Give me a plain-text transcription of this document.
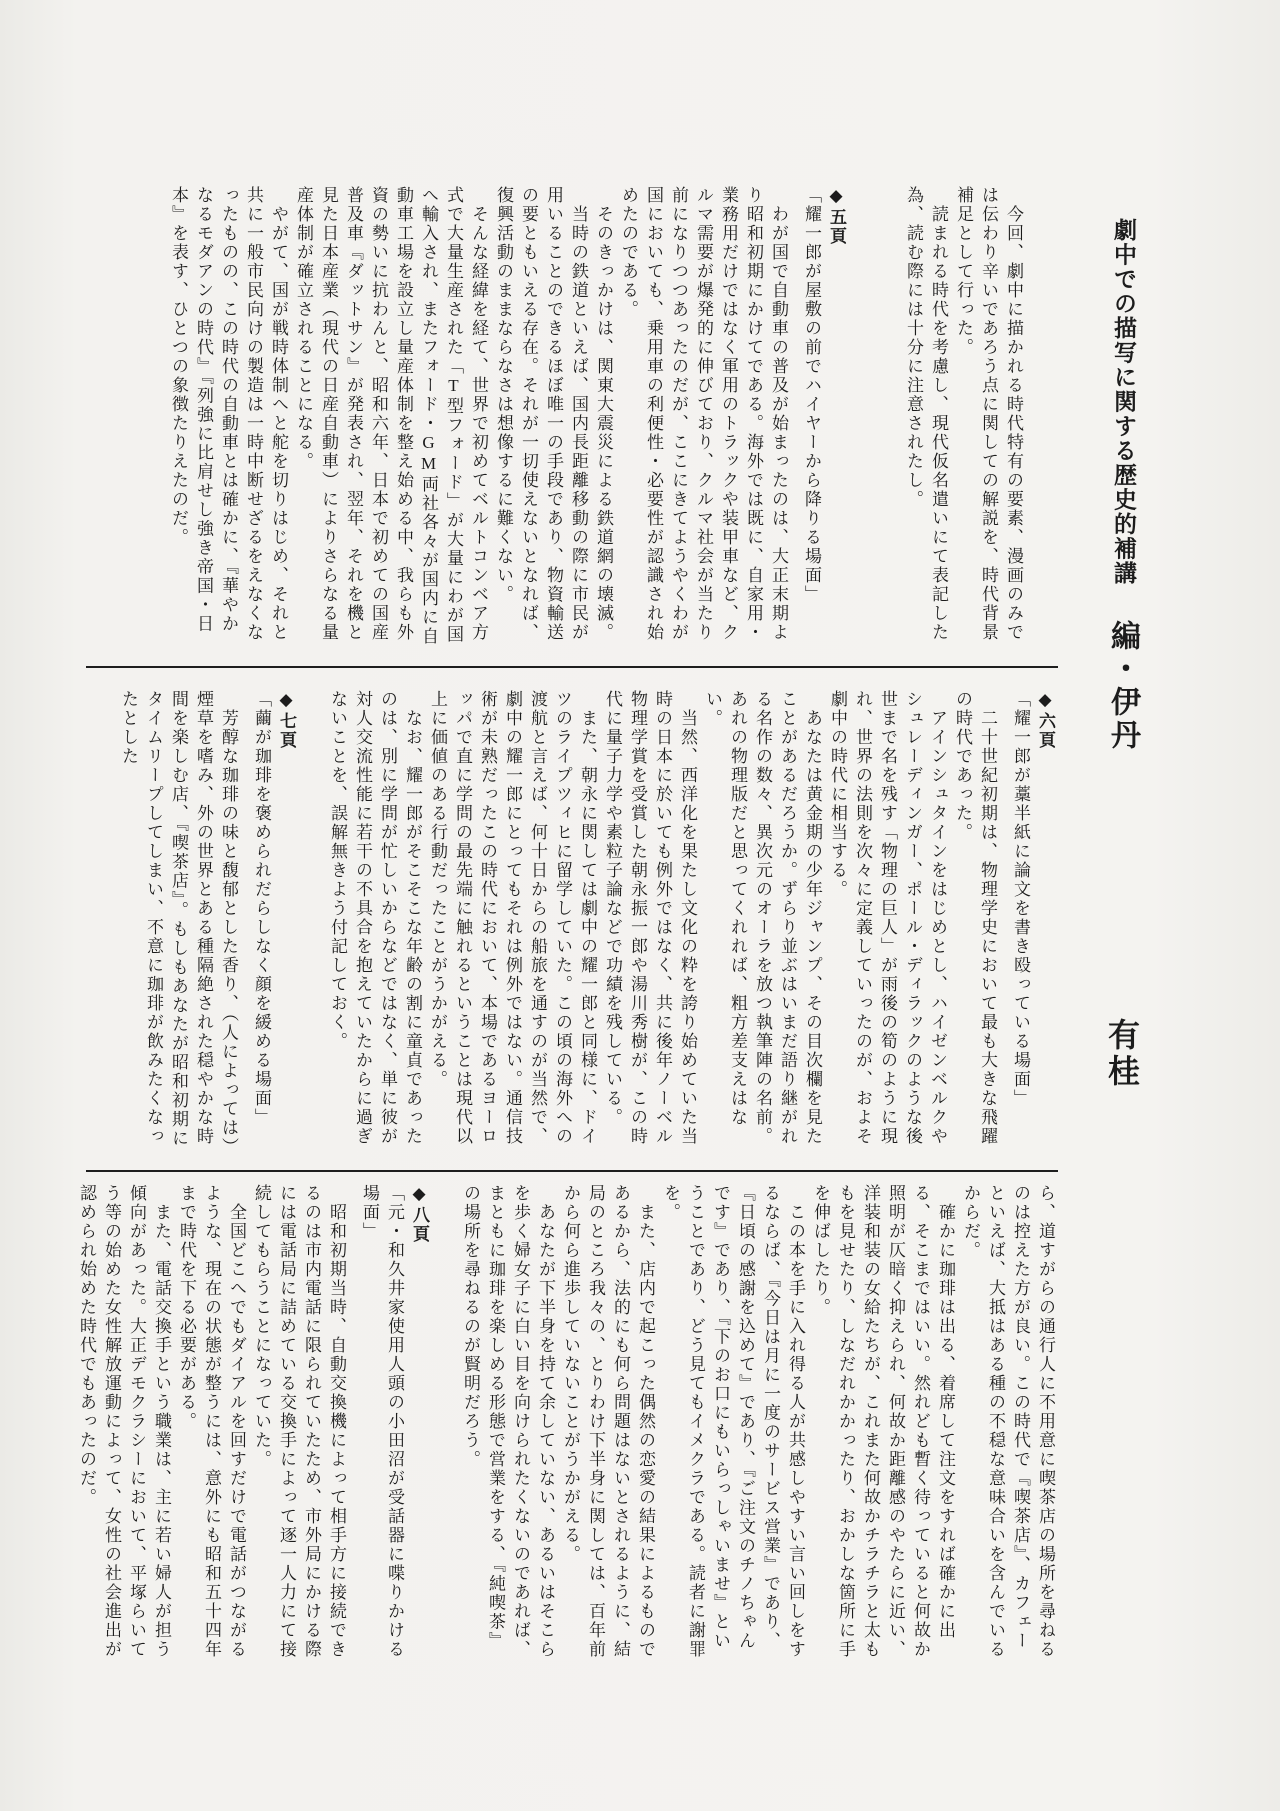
劇中での描写に関する歴史的補講
編・伊丹
有桂

　今回、劇中に描かれる時代特有の要素、漫画のみでは伝わり辛いであろう点に関しての解説を、時代背景補足として行った。

　読まれる時代を考慮し、現代仮名遣いにて表記した為、読む際には十分に注意されたし。

◆五頁

「耀一郎が屋敷の前でハイヤーから降りる場面」

　わが国で自動車の普及が始まったのは、大正末期より昭和初期にかけてである。海外では既に、自家用・業務用だけではなく軍用のトラックや装甲車など、クルマ需要が爆発的に伸びており、クルマ社会が当たり前になりつつあったのだが、ここにきてようやくわが国においても、乗用車の利便性・必要性が認識され始めたのである。

　そのきっかけは、関東大震災による鉄道網の壊滅。

　当時の鉄道といえば、国内長距離移動の際に市民が用いることのできるほぼ唯一の手段であり、物資輸送の要ともいえる存在。それが一切使えないとなれば、復興活動のままならなさは想像するに難くない。

　そんな経緯を経て、世界で初めてベルトコンベア方式で大量生産された「T型フォード」が大量にわが国へ輸入され、またフォード・GM両社各々が国内に自動車工場を設立し量産体制を整え始める中、我らも外資の勢いに抗わんと、昭和六年、日本で初めての国産普及車『ダットサン』が発表され、翌年、それを機と見た日本産業（現代の日産自動車）によりさらなる量産体制が確立されることになる。

　やがて、国が戦時体制へと舵を切りはじめ、それと共に一般市民向けの製造は一時中断せざるをえなくなったものの、この時代の自動車とは確かに、『華やかなるモダアンの時代』『列強に比肩せし強き帝国・日本』を表す、ひとつの象徴たりえたのだ。

◆六頁

「耀一郎が藁半紙に論文を書き殴っている場面」

　二十世紀初期は、物理学史において最も大きな飛躍の時代であった。

　アインシュタインをはじめとし、ハイゼンベルクやシュレーディンガー、ポール・ディラックのような後世まで名を残す「物理の巨人」が雨後の筍のように現れ、世界の法則を次々に定義していったのが、およそ劇中の時代に相当する。

　あなたは黄金期の少年ジャンプ、その目次欄を見たことがあるだろうか。ずらり並ぶはいまだ語り継がれる名作の数々、異次元のオーラを放つ執筆陣の名前。あれの物理版だと思ってくれれば、粗方差支えはない。

　当然、西洋化を果たし文化の粋を誇り始めていた当時の日本に於いても例外ではなく、共に後年ノーベル物理学賞を受賞した朝永振一郎や湯川秀樹が、この時代に量子力学や素粒子論などで功績を残している。

　また、朝永に関しては劇中の耀一郎と同様に、ドイツのライプツィヒに留学していた。この頃の海外への渡航と言えば、何十日からの船旅を通すのが当然で、劇中の耀一郎にとってもそれは例外ではない。通信技術が未熟だったこの時代において、本場であるヨーロッパで直に学問の最先端に触れるということは現代以上に価値のある行動だったことがうかがえる。

　なお、耀一郎がそこそこな年齢の割に童貞であったのは、別に学問が忙しいからなどではなく、単に彼が対人交流性能に若干の不具合を抱えていたからに過ぎないことを、誤解無きよう付記しておく。

◆七頁

「繭が珈琲を褒められだらしなく顔を緩める場面」

　芳醇な珈琲の味と馥郁とした香り、（人によっては）煙草を嗜み、外の世界とある種隔絶された穏やかな時間を楽しむ店、『喫茶店』。もしもあなたが昭和初期にタイムリープしてしまい、不意に珈琲が飲みたくなったとした

ら、道すがらの通行人に不用意に喫茶店の場所を尋ねるのは控えた方が良い。この時代で『喫茶店』、カフェーといえば、大抵はある種の不穏な意味合いを含んでいるからだ。

　確かに珈琲は出る、着席して注文をすれば確かに出る、そこまではいい。然れども暫く待っていると何故か照明が仄暗く抑えられ、何故か距離感のやたらに近い、洋装和装の女給たちが、これまた何故かチラチラと太ももを見せたり、しなだれかかったり、おかしな箇所に手を伸ばしたり。

　この本を手に入れ得る人が共感しやすい言い回しをするならば、『今日は月に一度のサービス営業』であり、『日頃の感謝を込めて』であり、『ご注文のチノちゃんです』であり、『下のお口にもいらっしゃいませ』ということであり、どう見てもイメクラである。読者に謝罪を。

　また、店内で起こった偶然の恋愛の結果によるものであるから、法的にも何ら問題はないとされるように、結局のところ我々の、とりわけ下半身に関しては、百年前から何ら進歩していないことがうかがえる。

　あなたが下半身を持て余していない、あるいはそこらを歩く婦女子に白い目を向けられたくないのであれば、まともに珈琲を楽しめる形態で営業をする、『純喫茶』の場所を尋ねるのが賢明だろう。

◆八頁

「元・和久井家使用人頭の小田沼が受話器に喋りかける場面」

　昭和初期当時、自動交換機によって相手方に接続できるのは市内電話に限られていたため、市外局にかける際には電話局に詰めている交換手によって逐一人力にて接続してもらうことになっていた。

　全国どこへでもダイアルを回すだけで電話がつながるような、現在の状態が整うには、意外にも昭和五十四年まで時代を下る必要がある。

　また、電話交換手という職業は、主に若い婦人が担う傾向があった。大正デモクラシーにおいて、平塚らいてう等の始めた女性解放運動によって、女性の社会進出が認められ始めた時代でもあったのだ。
